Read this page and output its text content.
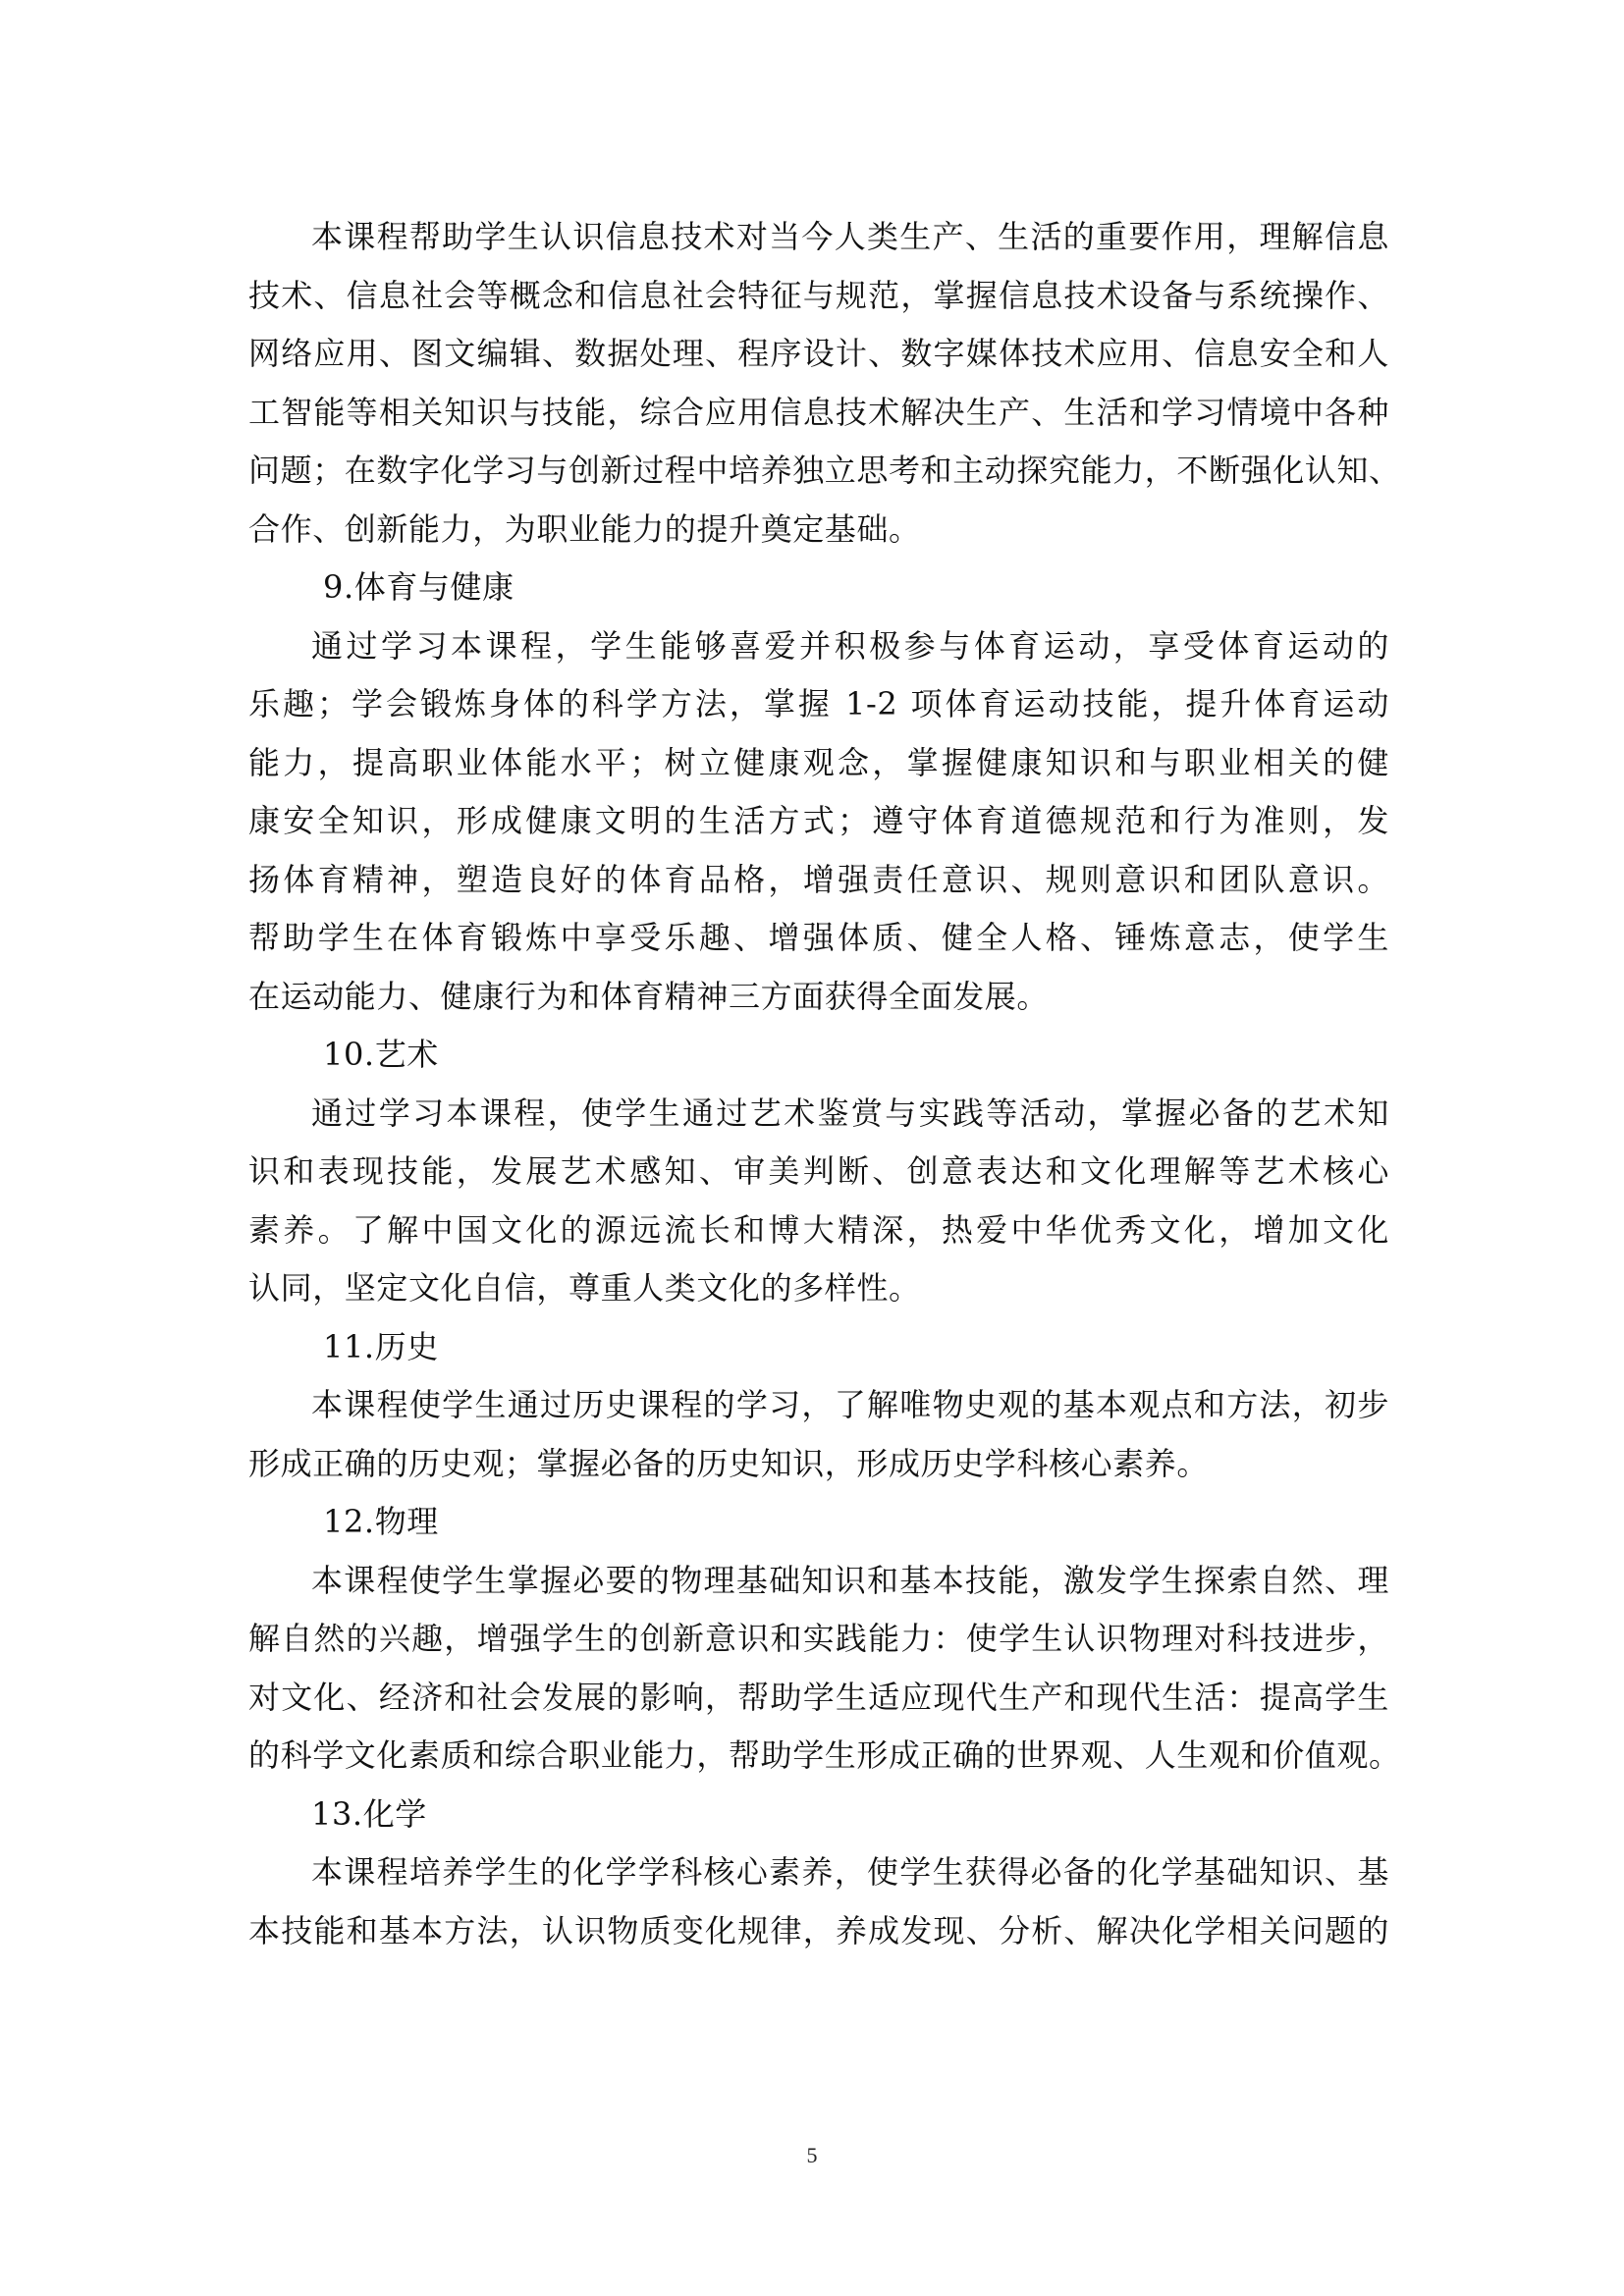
本课程帮助学生认识信息技术对当今人类生产、生活的重要作用，理解信息
技术、信息社会等概念和信息社会特征与规范，掌握信息技术设备与系统操作、
网络应用、图文编辑、数据处理、程序设计、数字媒体技术应用、信息安全和人
工智能等相关知识与技能，综合应用信息技术解决生产、生活和学习情境中各种
问题；在数字化学习与创新过程中培养独立思考和主动探究能力，不断强化认知、
合作、创新能力，为职业能力的提升奠定基础。
9.体育与健康
通过学习本课程，学生能够喜爱并积极参与体育运动，享受体育运动的
乐趣；学会锻炼身体的科学方法，掌握 1-2 项体育运动技能，提升体育运动
能力，提高职业体能水平；树立健康观念，掌握健康知识和与职业相关的健
康安全知识，形成健康文明的生活方式；遵守体育道德规范和行为准则，发
扬体育精神，塑造良好的体育品格，增强责任意识、规则意识和团队意识。
帮助学生在体育锻炼中享受乐趣、增强体质、健全人格、锤炼意志，使学生
在运动能力、健康行为和体育精神三方面获得全面发展。
10.艺术
通过学习本课程，使学生通过艺术鉴赏与实践等活动，掌握必备的艺术知
识和表现技能，发展艺术感知、审美判断、创意表达和文化理解等艺术核心
素养。了解中国文化的源远流长和博大精深，热爱中华优秀文化，增加文化
认同，坚定文化自信，尊重人类文化的多样性。
11.历史
本课程使学生通过历史课程的学习，了解唯物史观的基本观点和方法，初步
形成正确的历史观；掌握必备的历史知识，形成历史学科核心素养。
12.物理
本课程使学生掌握必要的物理基础知识和基本技能，激发学生探索自然、理
解自然的兴趣，增强学生的创新意识和实践能力：使学生认识物理对科技进步，
对文化、经济和社会发展的影响，帮助学生适应现代生产和现代生活：提高学生
的科学文化素质和综合职业能力，帮助学生形成正确的世界观、人生观和价值观。
13.化学
本课程培养学生的化学学科核心素养，使学生获得必备的化学基础知识、基
本技能和基本方法，认识物质变化规律，养成发现、分析、解决化学相关问题的
5
